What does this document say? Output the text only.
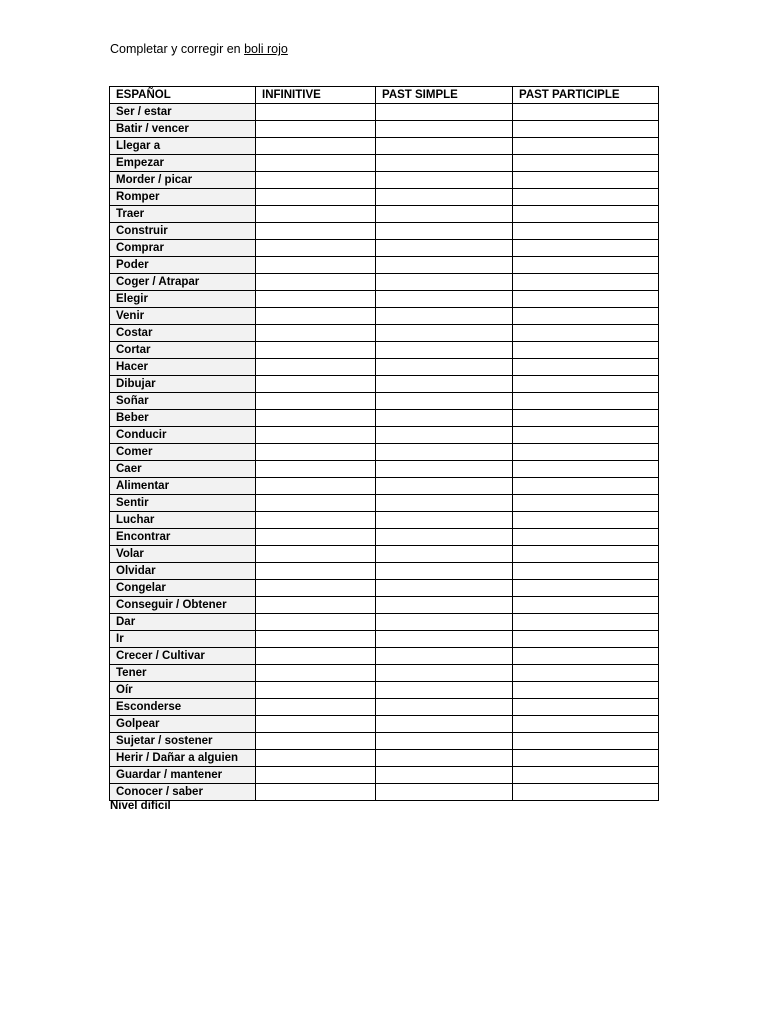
Completar y corregir en boli rojo
ESPAÑOL	INFINITIVE	PAST SIMPLE	PAST PARTICIPLE
Ser / estar			
Batir / vencer			
Llegar a			
Empezar			
Morder / picar			
Romper			
Traer			
Construir			
Comprar			
Poder			
Coger / Atrapar			
Elegir			
Venir			
Costar			
Cortar			
Hacer			
Dibujar			
Soñar			
Beber			
Conducir			
Comer			
Caer			
Alimentar			
Sentir			
Luchar			
Encontrar			
Volar			
Olvidar			
Congelar			
Conseguir / Obtener			
Dar			
Ir			
Crecer / Cultivar			
Tener			
Oír			
Esconderse			
Golpear			
Sujetar / sostener			
Herir / Dañar a alguien			
Guardar / mantener			
Conocer / saber			
Nivel difícil
